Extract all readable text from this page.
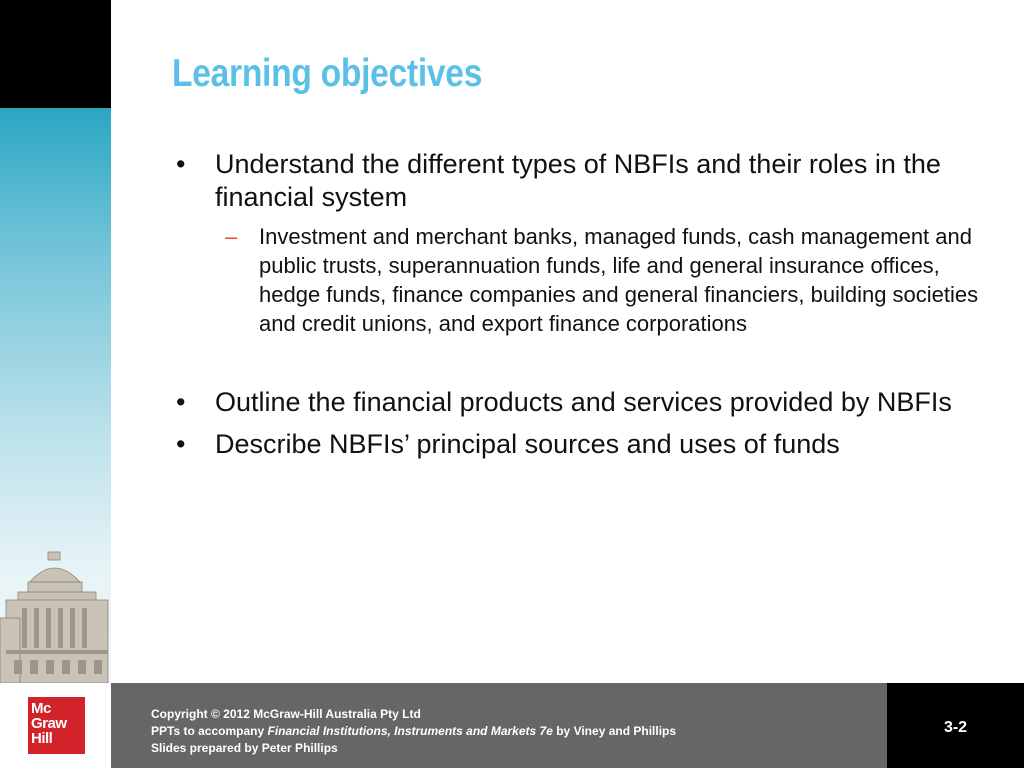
Learning objectives
• Understand the different types of NBFIs and their roles in the financial system
– Investment and merchant banks, managed funds, cash management and public trusts, superannuation funds, life and general insurance offices, hedge funds, finance companies and general financiers, building societies and credit unions, and export finance corporations
• Outline the financial products and services provided by NBFIs
• Describe NBFIs’ principal sources and uses of funds
Mc
Graw
Hill
Copyright © 2012 McGraw-Hill Australia Pty Ltd
PPTs to accompany Financial Institutions, Instruments and Markets 7e by Viney and Phillips
Slides prepared by Peter Phillips
3-2
